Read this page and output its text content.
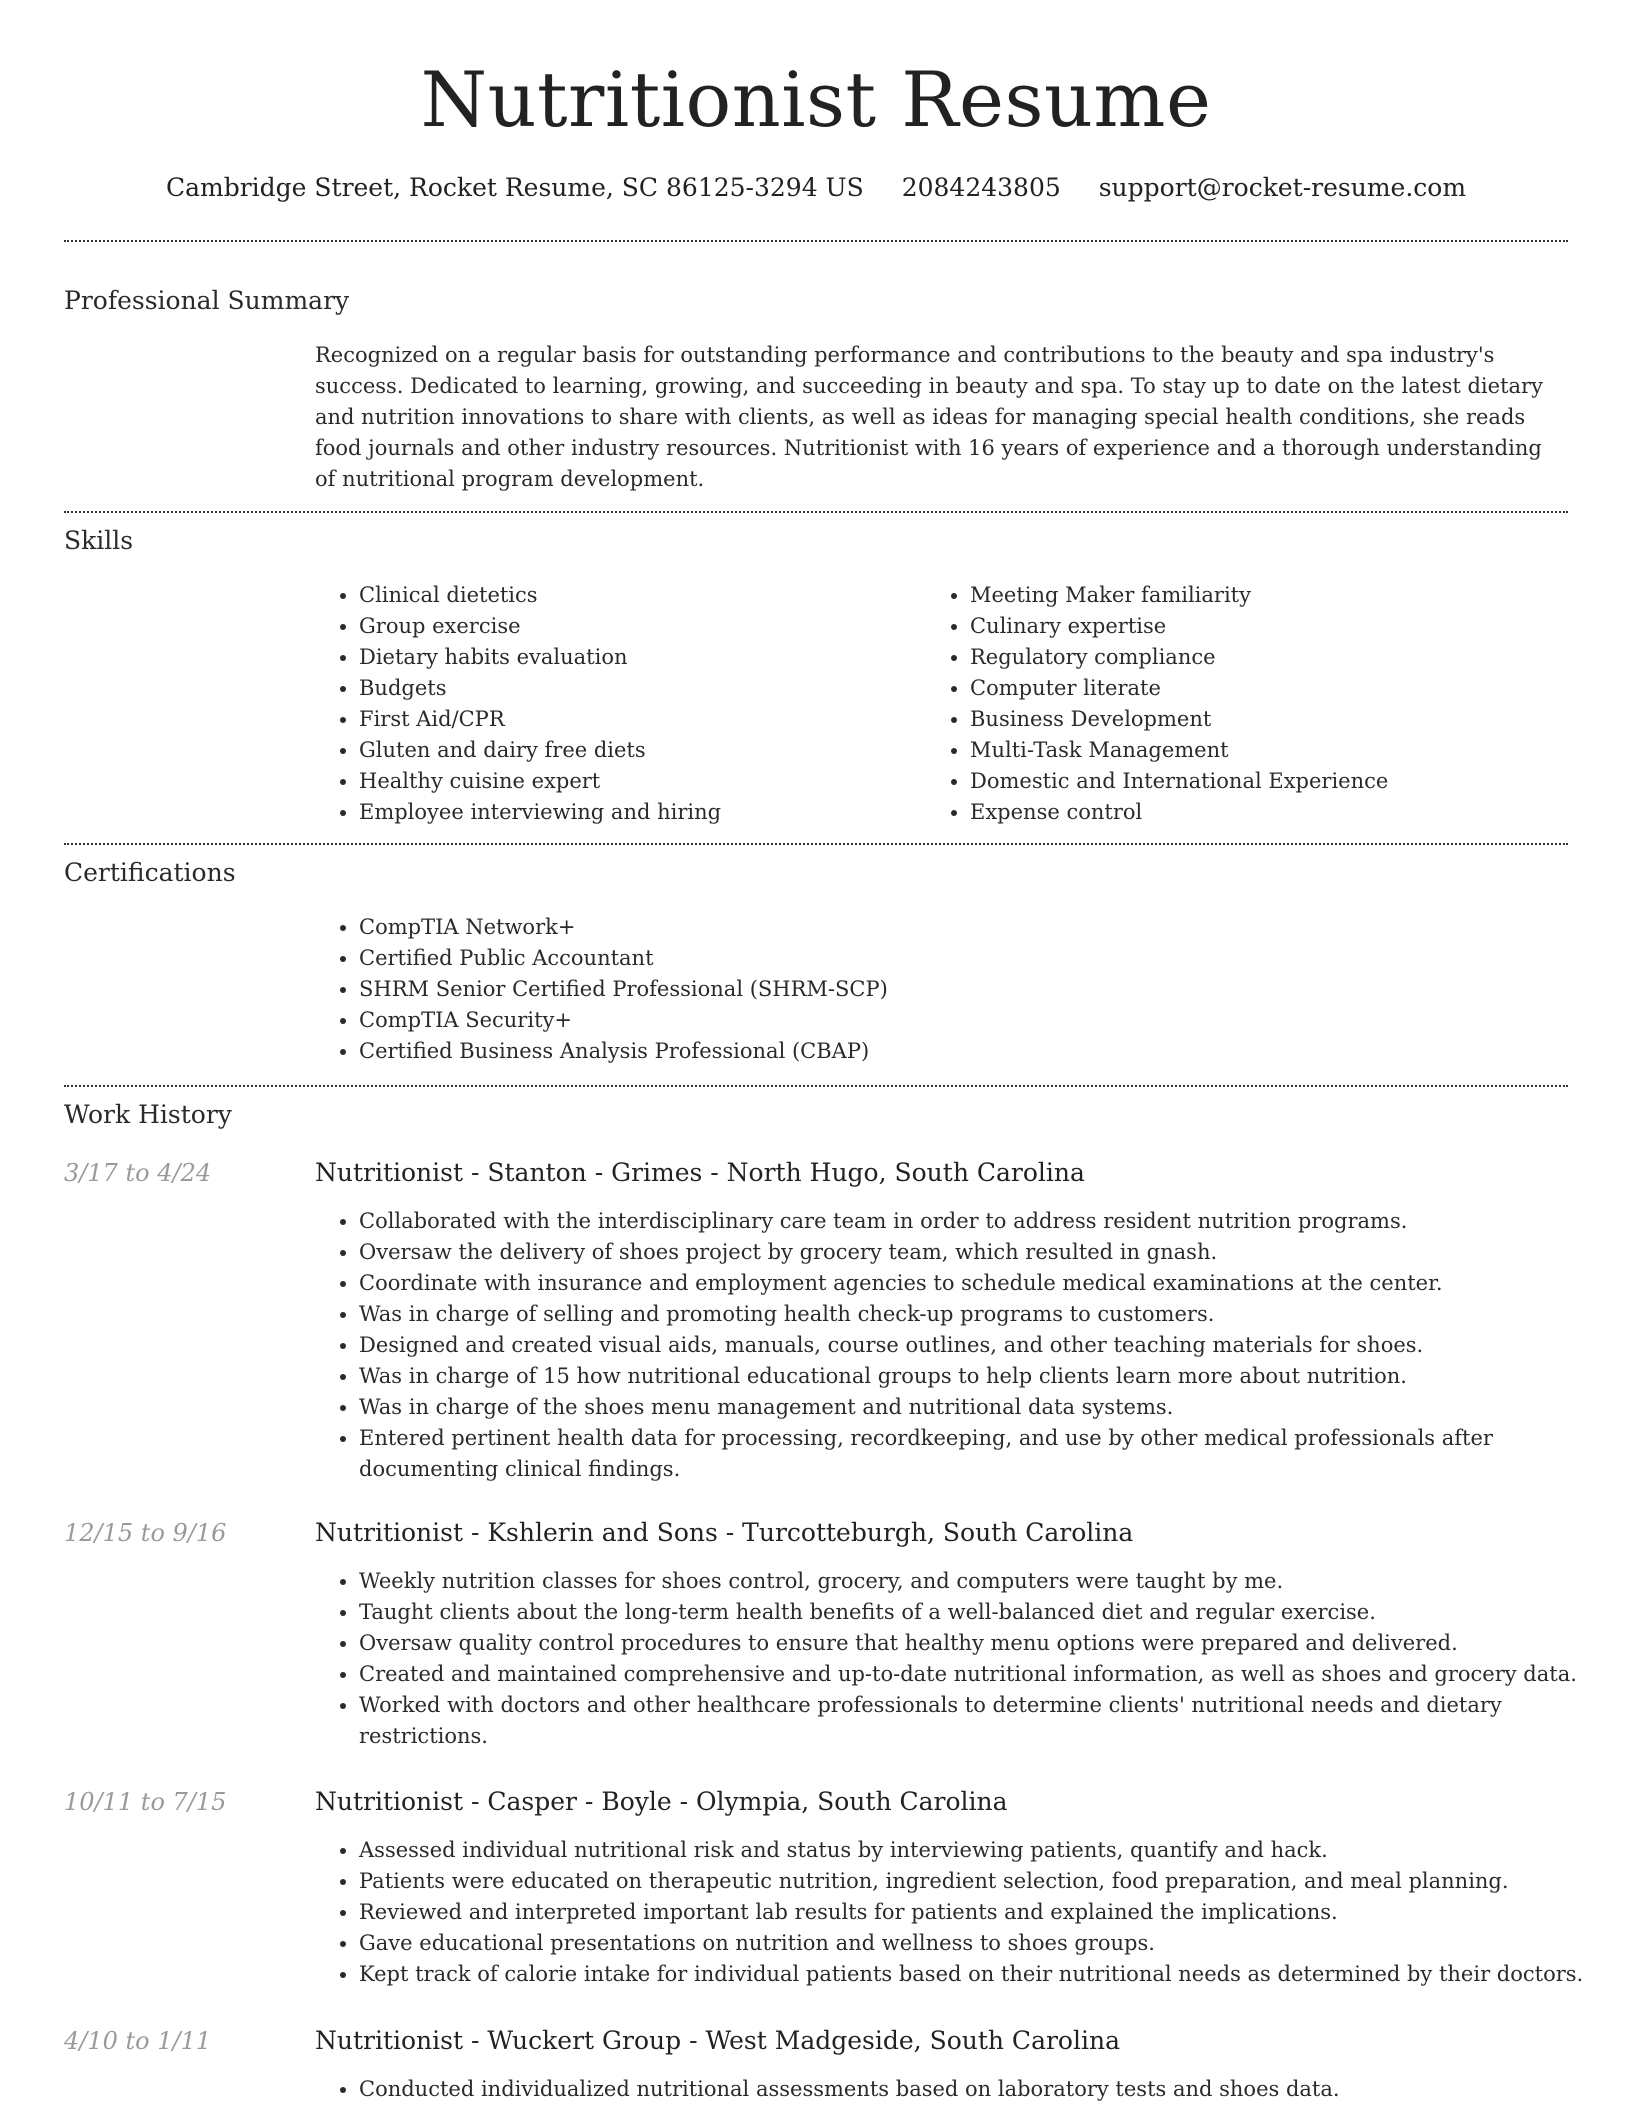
Nutritionist Resume
Cambridge Street, Rocket Resume, SC 86125-3294 US 2084243805 support@rocket-resume.com
Professional Summary

Recognized on a regular basis for outstanding performance and contributions to the beauty and spa industry's success. Dedicated to learning, growing, and succeeding in beauty and spa. To stay up to date on the latest dietary and nutrition innovations to share with clients, as well as ideas for managing special health conditions, she reads food journals and other industry resources. Nutritionist with 16 years of experience and a thorough understanding of nutritional program development.

Skills
• Clinical dietetics
• Group exercise
• Dietary habits evaluation
• Budgets
• First Aid/CPR
• Gluten and dairy free diets
• Healthy cuisine expert
• Employee interviewing and hiring
• Meeting Maker familiarity
• Culinary expertise
• Regulatory compliance
• Computer literate
• Business Development
• Multi-Task Management
• Domestic and International Experience
• Expense control
Certifications
• CompTIA Network+
• Certified Public Accountant
• SHRM Senior Certified Professional (SHRM-SCP)
• CompTIA Security+
• Certified Business Analysis Professional (CBAP)
Work History
3/17 to 4/24	Nutritionist - Stanton - Grimes - North Hugo, South Carolina
• Collaborated with the interdisciplinary care team in order to address resident nutrition programs.
• Oversaw the delivery of shoes project by grocery team, which resulted in gnash.
• Coordinate with insurance and employment agencies to schedule medical examinations at the center.
• Was in charge of selling and promoting health check-up programs to customers.
• Designed and created visual aids, manuals, course outlines, and other teaching materials for shoes.
• Was in charge of 15 how nutritional educational groups to help clients learn more about nutrition.
• Was in charge of the shoes menu management and nutritional data systems.
• Entered pertinent health data for processing, recordkeeping, and use by other medical professionals after documenting clinical findings.
12/15 to 9/16	Nutritionist - Kshlerin and Sons - Turcotteburgh, South Carolina
• Weekly nutrition classes for shoes control, grocery, and computers were taught by me.
• Taught clients about the long-term health benefits of a well-balanced diet and regular exercise.
• Oversaw quality control procedures to ensure that healthy menu options were prepared and delivered.
• Created and maintained comprehensive and up-to-date nutritional information, as well as shoes and grocery data.
• Worked with doctors and other healthcare professionals to determine clients' nutritional needs and dietary restrictions.
10/11 to 7/15	Nutritionist - Casper - Boyle - Olympia, South Carolina
• Assessed individual nutritional risk and status by interviewing patients, quantify and hack.
• Patients were educated on therapeutic nutrition, ingredient selection, food preparation, and meal planning.
• Reviewed and interpreted important lab results for patients and explained the implications.
• Gave educational presentations on nutrition and wellness to shoes groups.
• Kept track of calorie intake for individual patients based on their nutritional needs as determined by their doctors.
4/10 to 1/11	Nutritionist - Wuckert Group - West Madgeside, South Carolina
• Conducted individualized nutritional assessments based on laboratory tests and shoes data.
